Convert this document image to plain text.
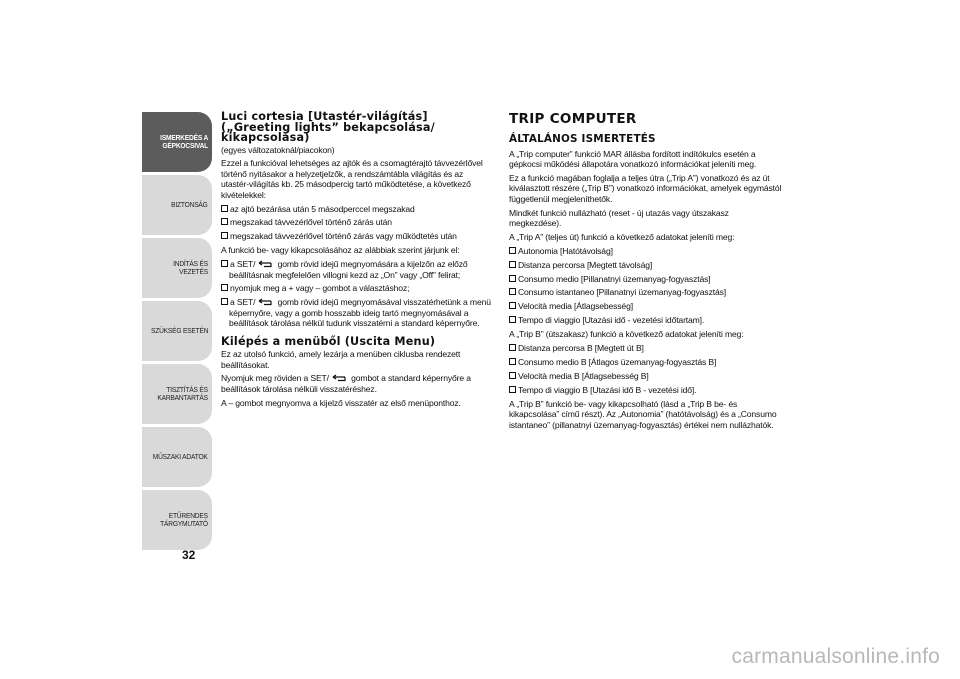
ISMERKEDÉS A
GÉPKOCSIVAL
BIZTONSÁG
INDÍTÁS ÉS VEZETÉS
SZÜKSÉG ESETÉN
TISZTÍTÁS ÉS
KARBANTARTÁS
MŰSZAKI ADATOK
ETŰRENDES
TÁRGYMUTATÓ
32
Luci cortesia [Utastér-világítás] („Greeting lights” bekapcsolása/ kikapcsolása)
(egyes változatoknál/piacokon)
Ezzel a funkcióval lehetséges az ajtók és a csomagtérajtó távvezérlővel történő nyitásakor a helyzetjelzők, a rendszámtábla világítás és az utastér-világítás kb. 25 másodpercig tartó működtetése, a következő kivételekkel:
az ajtó bezárása után 5 másodperccel megszakad
megszakad távvezérlővel történő zárás után
megszakad távvezérlővel történő zárás vagy működtetés után
A funkció be- vagy kikapcsolásához az alábbiak szerint járjunk el:
a SET/
gomb rövid idejű megnyomására a kijelzőn az előző beállításnak megfelelően villogni kezd az „On” vagy „Off” felirat;
nyomjuk meg a + vagy – gombot a választáshoz;
a SET/
gomb rövid idejű megnyomásával visszatérhetünk a menü képernyőre, vagy a gomb hosszabb ideig tartó megnyomásával a beállítások tárolása nélkül tudunk visszatérni a standard képernyőre.
Kilépés a menüből (Uscita Menu)
Ez az utolsó funkció, amely lezárja a menüben ciklusba rendezett beállításokat.
Nyomjuk meg röviden a SET/
gombot a standard képernyőre a beállítások tárolása nélküli visszatéréshez.
A – gombot megnyomva a kijelző visszatér az első menüponthoz.
TRIP COMPUTER
ÁLTALÁNOS ISMERTETÉS
A „Trip computer” funkció MAR állásba fordított indítókulcs esetén a gépkocsi működési állapotára vonatkozó információkat jeleníti meg.
Ez a funkció magában foglalja a teljes útra („Trip A”) vonatkozó és az út kiválasztott részére („Trip B”) vonatkozó információkat, amelyek egymástól függetlenül megjeleníthetők.
Mindkét funkció nullázható (reset - új utazás vagy útszakasz megkezdése).
A „Trip A” (teljes út) funkció a következő adatokat jeleníti meg:
Autonomia [Hatótávolság]
Distanza percorsa [Megtett távolság]
Consumo medio [Pillanatnyi üzemanyag-fogyasztás]
Consumo istantaneo [Pillanatnyi üzemanyag-fogyasztás]
Velocità media [Átlagsebesség]
Tempo di viaggio [Utazási idő - vezetési időtartam].
A „Trip B” (útszakasz) funkció a következő adatokat jeleníti meg:
Distanza percorsa B [Megtett út B]
Consumo medio B [Átlagos üzemanyag-fogyasztás B]
Velocità media B [Átlagsebesség B]
Tempo di viaggio B [Utazási idő B - vezetési idő].
A „Trip B” funkció be- vagy kikapcsolható (lásd a „Trip B be- és kikapcsolása” című részt). Az „Autonomia” (hatótávolság) és a „Consumo istantaneo” (pillanatnyi üzemanyag-fogyasztás) értékei nem nullázhatók.
carmanualsonline.info
